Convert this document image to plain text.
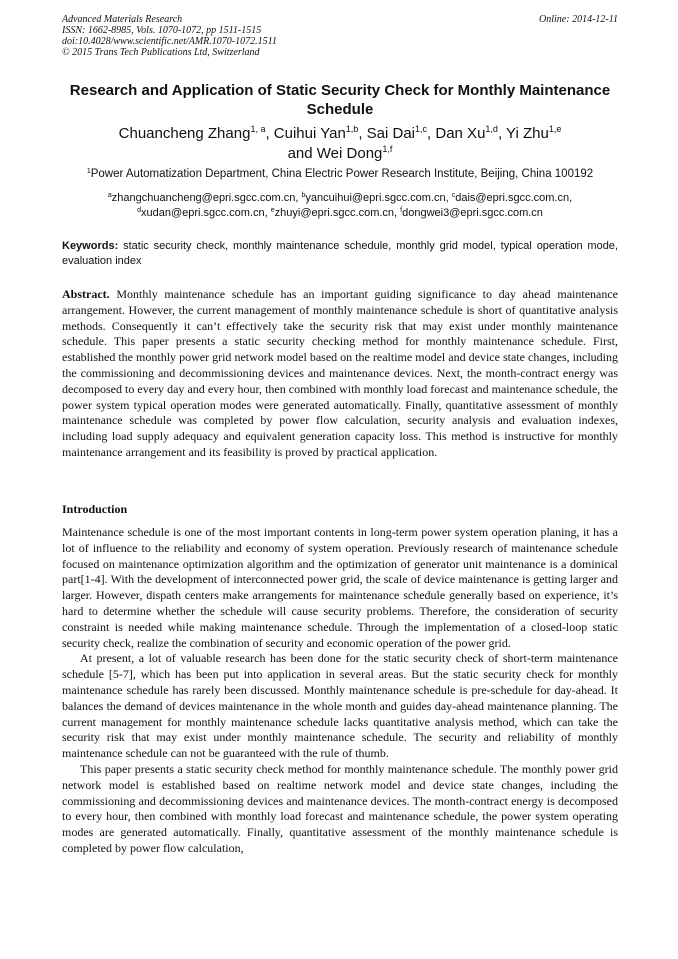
Advanced Materials Research
ISSN: 1662-8985, Vols. 1070-1072, pp 1511-1515
doi:10.4028/www.scientific.net/AMR.1070-1072.1511
© 2015 Trans Tech Publications Ltd, Switzerland
Online: 2014-12-11
Research and Application of Static Security Check for Monthly Maintenance Schedule
Chuancheng Zhang$^{1, a}$, Cuihui Yan$^{1,b}$, Sai Dai$^{1,c}$, Dan Xu$^{1,d}$, Yi Zhu$^{1,e}$
and Wei Dong$^{1,f}$
$^1$Power Automatization Department, China Electric Power Research Institute, Beijing, China 100192
$^a$zhangchuancheng@epri.sgcc.com.cn, $^b$yancuihui@epri.sgcc.com.cn, $^c$dais@epri.sgcc.com.cn,
$^d$xudan@epri.sgcc.com.cn, $^e$zhuyi@epri.sgcc.com.cn, $^f$dongwei3@epri.sgcc.com.cn
Keywords: static security check, monthly maintenance schedule, monthly grid model, typical operation mode, evaluation index
Abstract. Monthly maintenance schedule has an important guiding significance to day ahead maintenance arrangement. However, the current management of monthly maintenance schedule is short of quantitative analysis methods. Consequently it can’t effectively take the security risk that may exist under monthly maintenance schedule. This paper presents a static security checking method for monthly maintenance schedule. First, established the monthly power grid network model based on the realtime model and device state changes, including the commissioning and decommissioning devices and maintenance devices. Next, the month-contract energy was decomposed to every day and every hour, then combined with monthly load forecast and maintenance schedule, the power system typical operation modes were generated automatically. Finally, quantitative assessment of monthly maintenance schedule was completed by power flow calculation, security analysis and evaluation indexes, including load supply adequacy and equivalent generation capacity loss. This method is instructive for monthly maintenance arrangement and its feasibility is proved by practical application.
Introduction

Maintenance schedule is one of the most important contents in long-term power system operation planing, it has a lot of influence to the reliability and economy of system operation. Previously research of maintenance schedule focused on maintenance optimization algorithm and the optimization of generator unit maintenance is a dominical part[1-4]. With the development of interconnected power grid, the scale of device maintenance is getting larger and larger. However, dispath centers make arrangements for maintenance schedule generally based on experience, it’s hard to determine whether the schedule will cause security problems. Therefore, the consideration of security constraint is needed while making maintenance schedule. Through the implementation of a closed-loop static security check, realize the combination of security and economic operation of the power grid.

At present, a lot of valuable research has been done for the static security check of short-term maintenance schedule [5-7], which has been put into application in several areas. But the static security check for monthly maintenance schedule has rarely been discussed. Monthly maintenance schedule is pre-schedule for day-ahead. It balances the demand of devices maintenance in the whole month and guides day-ahead maintenance planning. The current management for monthly maintenance schedule lacks quantitative analysis method, which can take the security risk that may exist under monthly maintenance schedule. The security and reliability of monthly maintenance schedule can not be guaranteed with the rule of thumb.

This paper presents a static security check method for monthly maintenance schedule. The monthly power grid network model is established based on realtime network model and device state changes, including the commissioning and decommissioning devices and maintenance devices. The month-contract energy is decomposed to every hour, then combined with monthly load forecast and maintenance schedule, the power system operating modes are generated automatically. Finally, quantitative assessment of the monthly maintenance schedule is completed by power flow calculation,
